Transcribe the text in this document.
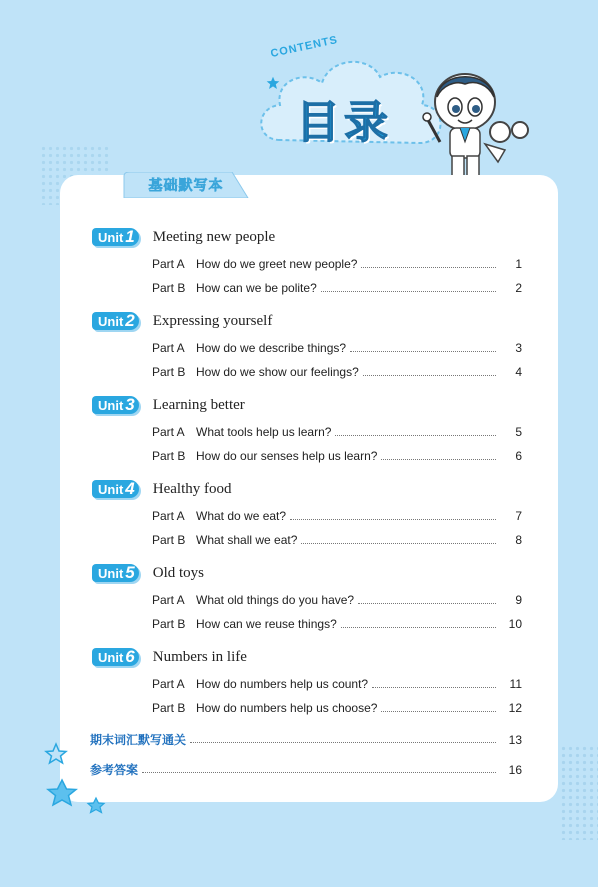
CONTENTS
目录
基础默写本
Unit 1 Meeting new people
Part A How do we greet new people?	1
Part B How can we be polite?	2
Unit 2 Expressing yourself
Part A How do we describe things?	3
Part B How do we show our feelings?	4
Unit 3 Learning better
Part A What tools help us learn?	5
Part B How do our senses help us learn?	6
Unit 4 Healthy food
Part A What do we eat?	7
Part B What shall we eat?	8
Unit 5 Old toys
Part A What old things do you have?	9
Part B How can we reuse things?	10
Unit 6 Numbers in life
Part A How do numbers help us count?	11
Part B How do numbers help us choose?	12
期末词汇默写通关	13
参考答案	16
